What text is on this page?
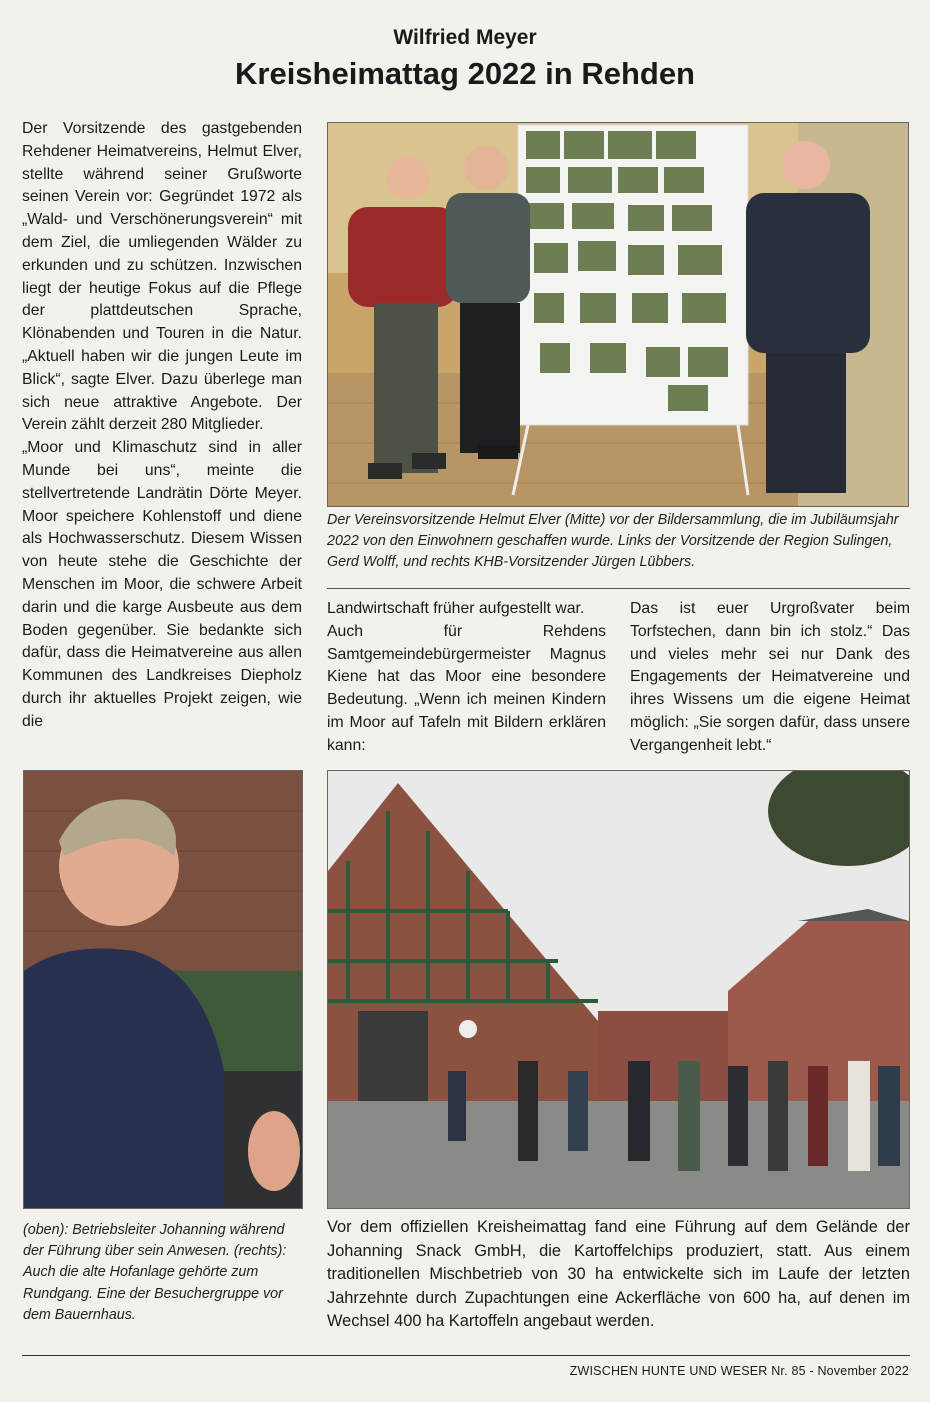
Wilfried Meyer
Kreisheimattag 2022 in Rehden

Der Vorsitzende des gastgebenden Rehdener Heimatvereins, Helmut Elver, stellte während seiner Grußworte seinen Verein vor: Gegründet 1972 als „Wald- und Verschönerungsverein“ mit dem Ziel, die umliegenden Wälder zu erkunden und zu schützen. Inzwischen liegt der heutige Fokus auf die Pflege der plattdeutschen Sprache, Klönabenden und Touren in die Natur. „Aktuell haben wir die jungen Leute im Blick“, sagte Elver. Dazu überlege man sich neue attraktive Angebote. Der Verein zählt derzeit 280 Mitglieder.

„Moor und Klimaschutz sind in aller Munde bei uns“, meinte die stellvertretende Landrätin Dörte Meyer. Moor speichere Kohlenstoff und diene als Hochwasserschutz. Diesem Wissen von heute stehe die Geschichte der Menschen im Moor, die schwere Arbeit darin und die karge Ausbeute aus dem Boden gegenüber. Sie bedankte sich dafür, dass die Heimatvereine aus allen Kommunen des Landkreises Diepholz durch ihr aktuelles Projekt zeigen, wie die

Der Vereinsvorsitzende Helmut Elver (Mitte) vor der Bildersammlung, die im Jubiläumsjahr 2022 von den Einwohnern geschaffen wurde. Links der Vorsitzende der Region Sulingen, Gerd Wolff, und rechts KHB-Vorsitzender Jürgen Lübbers.

Landwirtschaft früher aufgestellt war.

Auch für Rehdens Samtgemeindebürgermeister Magnus Kiene hat das Moor eine besondere Bedeutung. „Wenn ich meinen Kindern im Moor auf Tafeln mit Bildern erklären kann:

Das ist euer Urgroßvater beim Torfstechen, dann bin ich stolz.“ Das und vieles mehr sei nur Dank des Engagements der Heimatvereine und ihres Wissens um die eigene Heimat möglich: „Sie sorgen dafür, dass unsere Vergangenheit lebt.“

(oben): Betriebsleiter Johanning während der Führung über sein Anwesen. (rechts): Auch die alte Hofanlage gehörte zum Rundgang. Eine der Besuchergruppe vor dem Bauernhaus.
Vor dem offiziellen Kreisheimattag fand eine Führung auf dem Gelände der Johanning Snack GmbH, die Kartoffelchips produziert, statt. Aus einem traditionellen Mischbetrieb von 30 ha entwickelte sich im Laufe der letzten Jahrzehnte durch Zupachtungen eine Ackerfläche von 600 ha, auf denen im Wechsel 400 ha Kartoffeln angebaut werden.
ZWISCHEN HUNTE UND WESER Nr. 85 - November 2022
